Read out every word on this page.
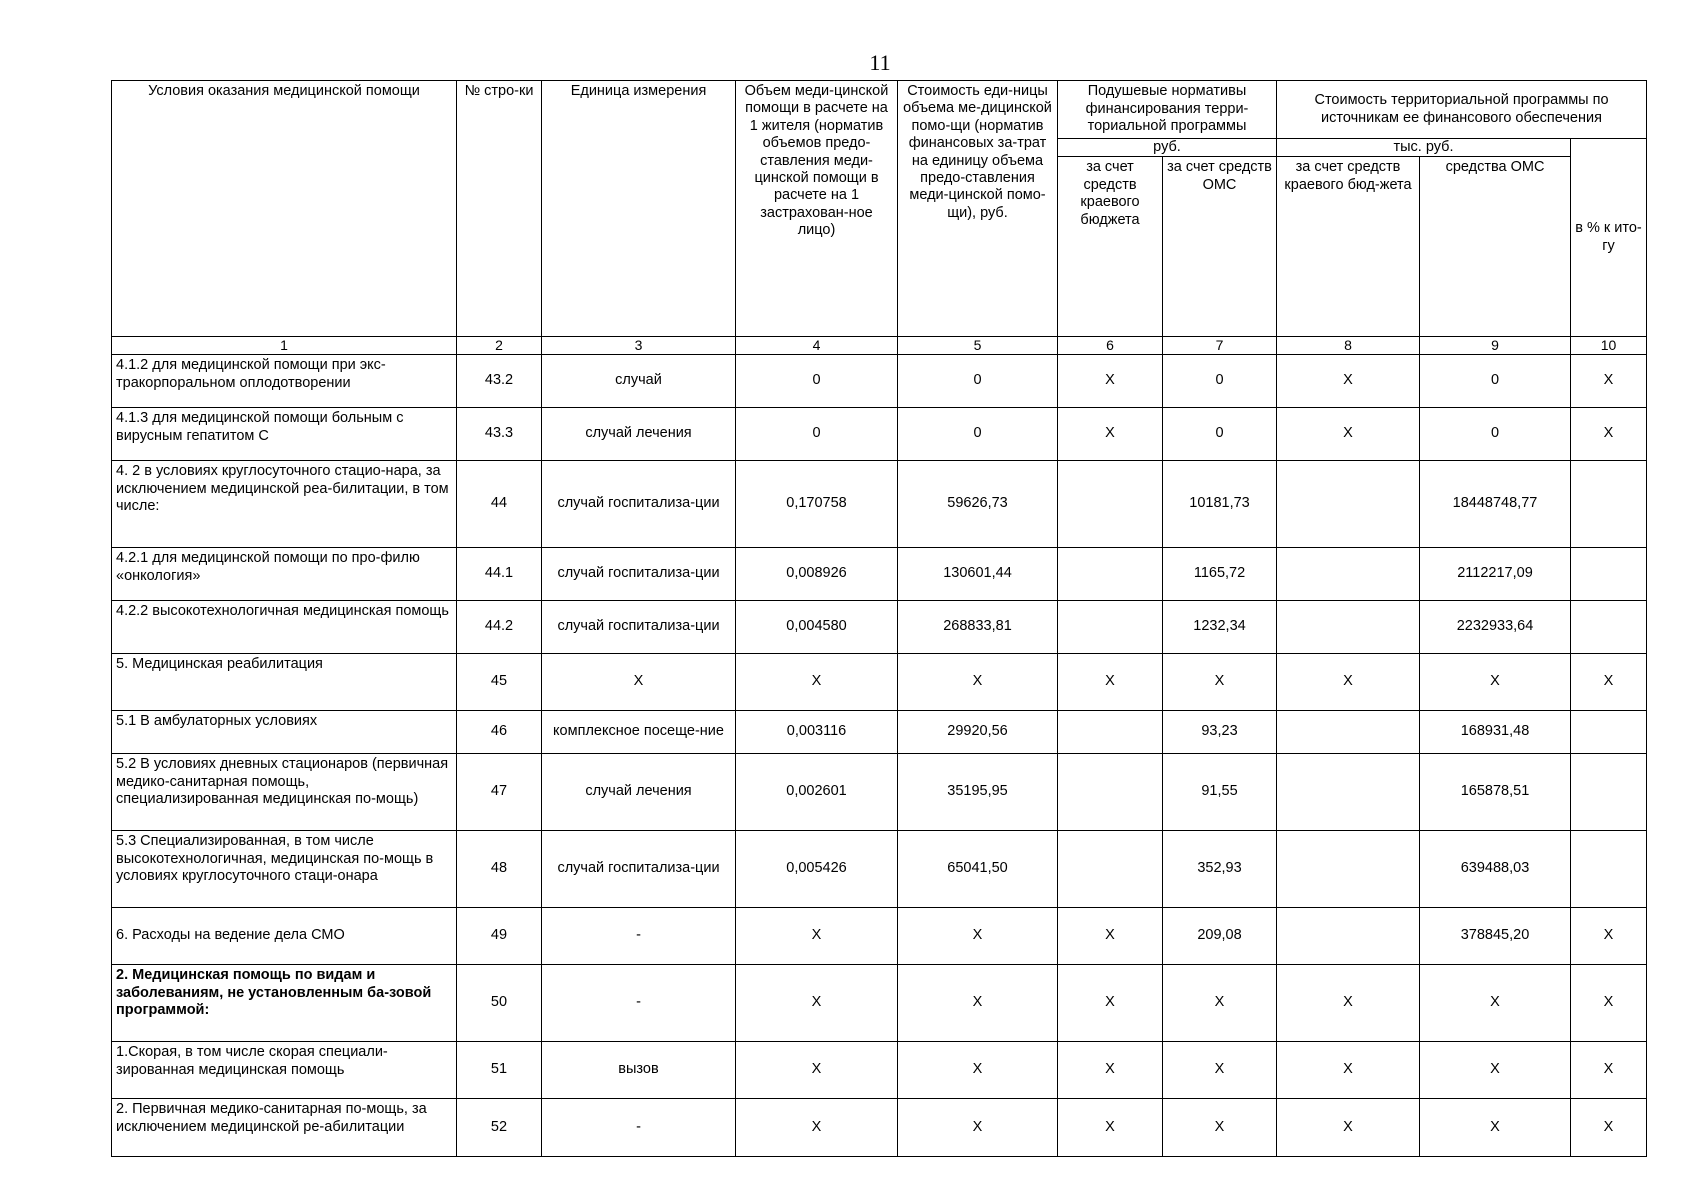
11
Условия оказания медицинской помощи	№ стро-ки	Единица измерения	Объем меди-цинской помощи в расчете на 1 жителя (норматив объемов предо-ставления меди-цинской помощи в расчете на 1 застрахован-ное лицо)	Стоимость еди-ницы объема ме-дицинской помо-щи (норматив финансовых за-трат на единицу объема предо-ставления меди-цинской помо-щи), руб.	Подушевые нормативы финансирования терри-ториальной программы		Стоимость территориальной программы по источникам ее финансового обеспечения		
					руб.		тыс. руб.		в % к ито-гу
					за счет средств краевого бюджета	за счет средств ОМС	за счет средств краевого бюд-жета	средства ОМС	
1	2	3	4	5	6	7	8	9	10
4.1.2 для медицинской помощи при экс-тракорпоральном оплодотворении	43.2	случай	0	0	X	0	X	0	X
4.1.3 для медицинской помощи больным с вирусным гепатитом С	43.3	случай лечения	0	0	X	0	X	0	X
4. 2 в условиях круглосуточного стацио-нара, за исключением медицинской реа-билитации, в том числе:	44	случай госпитализа-ции	0,170758	59626,73		10181,73		18448748,77	
4.2.1 для медицинской помощи по про-филю «онкология»	44.1	случай госпитализа-ции	0,008926	130601,44		1165,72		2112217,09	
4.2.2 высокотехнологичная медицинская помощь	44.2	случай госпитализа-ции	0,004580	268833,81		1232,34		2232933,64	
5. Медицинская реабилитация	45	X	X	X	X	X	X	X	X
5.1 В амбулаторных условиях	46	комплексное посеще-ние	0,003116	29920,56		93,23		168931,48	
5.2 В условиях дневных стационаров (первичная медико-санитарная помощь, специализированная медицинская по-мощь)	47	случай лечения	0,002601	35195,95		91,55		165878,51	
5.3 Специализированная, в том числе высокотехнологичная, медицинская по-мощь в условиях круглосуточного стаци-онара	48	случай госпитализа-ции	0,005426	65041,50		352,93		639488,03	
6. Расходы на ведение дела СМО	49	-	X	X	X	209,08		378845,20	X
2. Медицинская помощь по видам и заболеваниям, не установленным ба-зовой программой:	50	-	X	X	X	X	X	X	X
1.Скорая, в том числе скорая специали-зированная медицинская помощь	51	вызов	X	X	X	X	X	X	X
2. Первичная медико-санитарная по-мощь, за исключением медицинской ре-абилитации	52	-	X	X	X	X	X	X	X
